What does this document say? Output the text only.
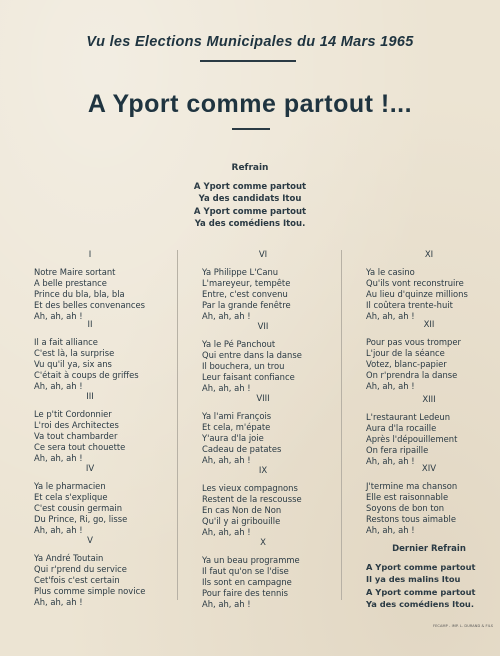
Vu les Elections Municipales du 14 Mars 1965
A Yport comme partout !...
Refrain
A Yport comme partout
Ya des candidats Itou
A Yport comme partout
Ya des comédiens Itou.
I
Notre Maire sortant
A belle prestance
Prince du bla, bla, bla
Et des belles convenances
Ah, ah, ah !
II
Il a fait alliance
C'est là, la surprise
Vu qu'il ya, six ans
C'était à coups de griffes
Ah, ah, ah !
III
Le p'tit Cordonnier
L'roi des Architectes
Va tout chambarder
Ce sera tout chouette
Ah, ah, ah !
IV
Ya le pharmacien
Et cela s'explique
C'est cousin germain
Du Prince, Ri, go, lisse
Ah, ah, ah !
V
Ya André Toutain
Qui r'prend du service
Cet'fois c'est certain
Plus comme simple novice
Ah, ah, ah !
VI
Ya Philippe L'Canu
L'mareyeur, tempête
Entre, c'est convenu
Par la grande fenêtre
Ah, ah, ah !
VII
Ya le Pé Panchout
Qui entre dans la danse
Il bouchera, un trou
Leur faisant confiance
Ah, ah, ah !
VIII
Ya l'ami François
Et cela, m'épate
Y'aura d'la joie
Cadeau de patates
Ah, ah, ah !
IX
Les vieux compagnons
Restent de la rescousse
En cas Non de Non
Qu'il y ai gribouille
Ah, ah, ah !
X
Ya un beau programme
Il faut qu'on se l'dise
Ils sont en campagne
Pour faire des tennis
Ah, ah, ah !
XI
Ya le casino
Qu'ils vont reconstruire
Au lieu d'quinze millions
Il coûtera trente-huit
Ah, ah, ah !
XII
Pour pas vous tromper
L'jour de la séance
Votez, blanc-papier
On r'prendra la danse
Ah, ah, ah !
XIII
L'restaurant Ledeun
Aura d'la rocaille
Après l'dépouillement
On fera ripaille
Ah, ah, ah !
XIV
J'termine ma chanson
Elle est raisonnable
Soyons de bon ton
Restons tous aimable
Ah, ah, ah !
Dernier Refrain
A Yport comme partout
Il ya des malins Itou
A Yport comme partout
Ya des comédiens Itou.
FECAMP - IMP. L. DURAND & FILS
